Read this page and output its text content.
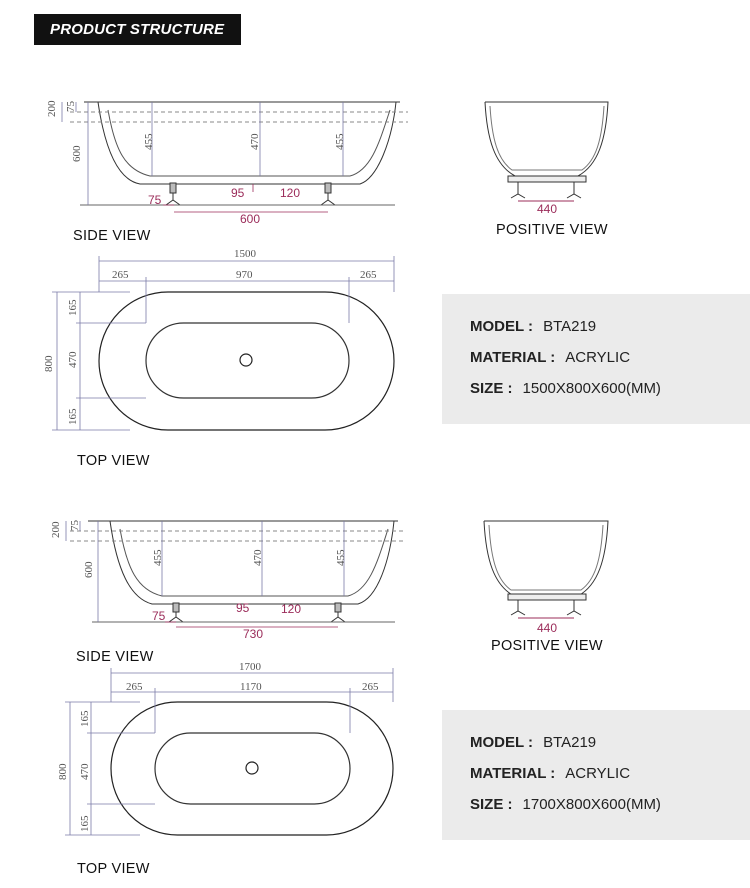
PRODUCT STRUCTURE
200 75
600
455	470	455
75	95	120
600
440
1500
265	970	265
800
165
470
165
200 75
600
455	470	455
75
95	120
730	440
1700
265	1170	265
800
165
470
165
SIDE VIEW	POSITIVE VIEW
TOP VIEW
SIDE VIEW
POSITIVE VIEW
TOP VIEW
MODEL : BTA219
MATERIAL : ACRYLIC
SIZE : 1500X800X600(MM)
MODEL : BTA219
MATERIAL : ACRYLIC
SIZE : 1700X800X600(MM)
